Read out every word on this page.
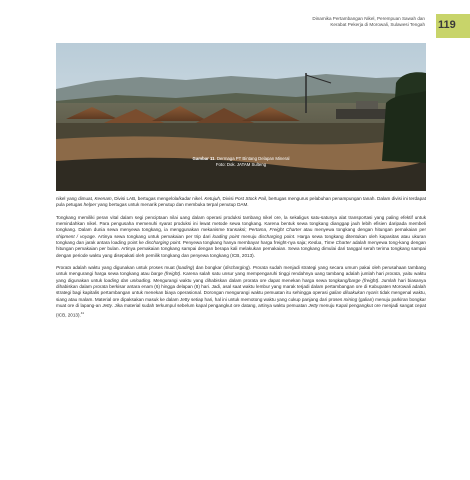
Dinamika Pertambangan Nikel, Perempuan Sawah dan
Kerabat Pekerja di Morowali, Sulawesi Tengah 119
Gambar 11. Dermaga PT Bintang Delapan Mineral
Foto: Dok. JATAM Sulteng

nikel yang dimuat, Keenam, Divisi LAB, bertugas mengelola/kadar nikel. Ketujuh, Divisi Post Stock Pail, bertugas mengurus pelabuhan penampungan tanah. Dalam divisi ini terdapat pula petugas helper yang bertugas untuk menarik penutup dan membuka terpal penutup DAM.

Tongkang memiliki peran vital dalam segi penciptaan nilai uang dalam operasi produksi tambang nikel ore, la sekaligus satu-satunya alat transportasi yang paling efektif untuk memindahkan nikel. Para pengusaha memenuhi syarat produksi ini lewat metode sewa tongkang. Karena bentuk sewa tongkang dianggap jauh lebih efisien daripada membeli tongkang. Dalam dunia sewa menyewa tongkang, ia menggunakan mekanisme transaksi; Pertama, Freight Charter atau menyewa tongkang dengan hitungan pemakaian per shipment / voyage. Artinya sewa tongkang untuk pemakaian per trip dari loading point menuju discharging point. Harga sewa tongkang ditentukan oleh kapasitas atau ukuran tongkang dan jarak antara loading point ke discharging point. Penyewa tongkang hanya membayar harga freight-nya saja; Kedua, Time Charter adalah menyewa tong-kang dengan hitungan pemakaian per bulan. Artinya pemakaian tongkang sampai dengan berapa kali melakukan pemakaian. Sewa tongkang dimulai dari tanggal serah terima tongkang sampai dengan periode waktu yang disepakati oleh pemilik tongkang dan penyewa tongkang (ICB, 2013).

Prorata adalah waktu yang digunakan untuk proses muat (loading) dan bongkar (discharging). Prorata sudah menjadi strategi yang secara umum pakai oleh perusahaan tambang untuk mengurangi harga sewa tongkang atau barge (freight). Karena salah satu unsur yang mempengaruhi tinggi rendahnya uang tambang adalah jumlah hari prorata, yaitu waktu yang digunakan untuk loading dan unloading. Mengurangi waktu yang dihabiskan dalam prorata ore dapat menekan harga sewa tongkang/barge (freight). Jumlah hari biasanya dihabiskan dalam prorata berkisar antara enam (6) hingga delapan (8) hari. Jadi, asal saat waktu lembur yang marak terjadi dalam pertambangan ore di Kabupaten Morowali adalah strategi bagi kapitalis pertambangan untuk menekan biaya operasional. Dorongan mengurangi waktu pemuatan itu sehingga operasi galian diluakukan nyaris tidak mengenal waktu, siang atau malam. Material ore dipaksakan masuk ke dalam Jetty setiap hari, hal ini untuk memotong waktu yang cukup panjang dari proses mining (galian) menuju parkiran bongkar muat ore di lapang-an Jetty. Jika material sudah terkumpul sebelum kapal pengangkut ore datang, artinya waktu pemuatan Jetty menuju Kapal pengangkut ore menjadi sangat cepat (ICB, 2013).$^{41}$
